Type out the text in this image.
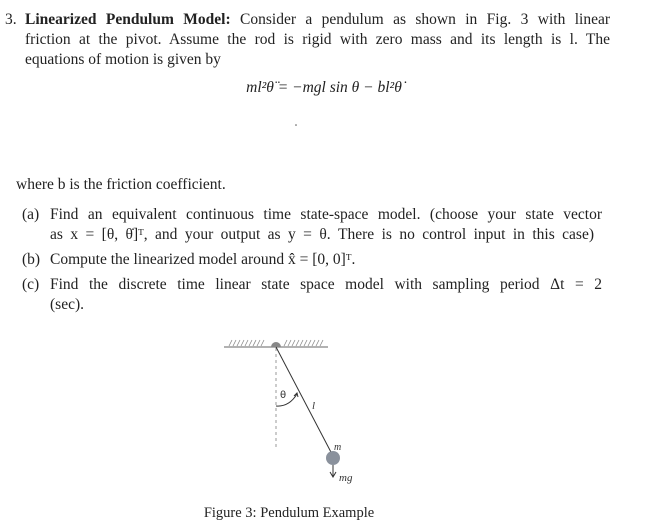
3. Linearized Pendulum Model: Consider a pendulum as shown in Fig. 3 with linear
friction at the pivot. Assume the rod is rigid with zero mass and its length is l. The
equations of motion is given by
ml²θ̈ = −mgl sin θ − bl²θ̇
where b is the friction coefficient.
(a) Find an equivalent continuous time state-space model. (choose your state vector
as x = [θ, θ̇]ᵀ, and your output as y = θ. There is no control input in this case)
(b) Compute the linearized model around x̂ = [0, 0]ᵀ.
(c) Find the discrete time linear state space model with sampling period Δt = 2
(sec).
θ
l
m
mg
Figure 3: Pendulum Example
